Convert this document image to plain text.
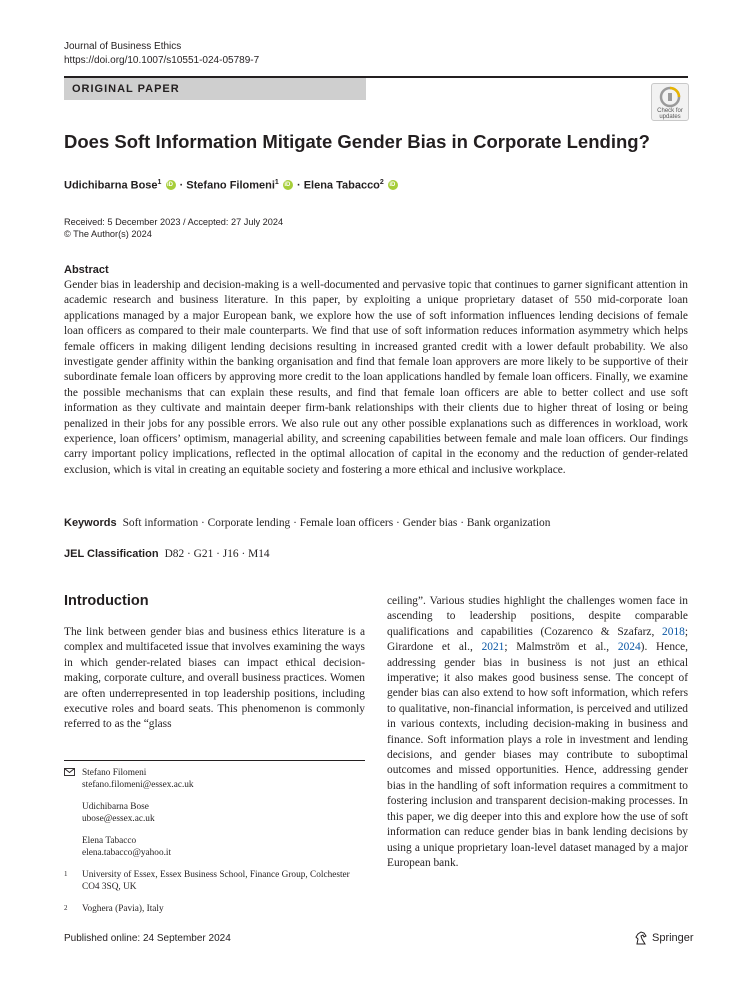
Journal of Business Ethics
https://doi.org/10.1007/s10551-024-05789-7
ORIGINAL PAPER
Check for
updates
Does Soft Information Mitigate Gender Bias in Corporate Lending?
Udichibarna Bose$^1$ iD · Stefano Filomeni$^1$ iD · Elena Tabacco$^2$ iD
Received: 5 December 2023 / Accepted: 27 July 2024
© The Author(s) 2024
Abstract

Gender bias in leadership and decision-making is a well-documented and pervasive topic that continues to garner significant attention in academic research and business literature. In this paper, by exploiting a unique proprietary dataset of 550 mid-corporate loan applications managed by a major European bank, we explore how the use of soft information influences lending decisions of female loan officers as compared to their male counterparts. We find that use of soft information reduces information asymmetry which helps female officers in making diligent lending decisions resulting in increased granted credit with a lower default probability. We also investigate gender affinity within the banking organisation and find that female loan approvers are more likely to be supportive of their subordinate female loan officers by approving more credit to the loan applications handled by female loan officers. Finally, we examine the possible mechanisms that can explain these results, and find that female loan officers are able to better collect and use soft information as they cultivate and maintain deeper firm-bank relationships with their clients due to higher threat of losing or being penalized in their jobs for any possible errors. We also rule out any other possible explanations such as differences in workload, work experience, loan officers’ optimism, managerial ability, and screening capabilities between female and male loan officers. Our findings carry important policy implications, reflected in the optimal allocation of capital in the economy and the reduction of gender-related exclusion, which is vital in creating an equitable society and fostering a more ethical and inclusive workplace.

Keywords Soft information · Corporate lending · Female loan officers · Gender bias · Bank organization
JEL Classification D82 · G21 · J16 · M14
Introduction

The link between gender bias and business ethics literature is a complex and multifaceted issue that involves examining the ways in which gender-related biases can impact ethical decision-making, corporate culture, and overall business practices. Women are often underrepresented in top leadership positions, including executive roles and board seats. This phenomenon is commonly referred to as the “glass

ceiling”. Various studies highlight the challenges women face in ascending to leadership positions, despite comparable qualifications and capabilities (Cozarenco & Szafarz, 2018; Girardone et al., 2021; Malmström et al., 2024). Hence, addressing gender bias in business is not just an ethical imperative; it also makes good business sense. The concept of gender bias can also extend to how soft information, which refers to qualitative, non-financial information, is perceived and utilized in various contexts, including decision-making in business and finance. Soft information plays a role in investment and lending decisions, and gender biases may contribute to suboptimal outcomes and missed opportunities. Hence, addressing gender bias in the handling of soft information requires a commitment to fostering inclusion and transparent decision-making processes. In this paper, we dig deeper into this and explore how the use of soft information can reduce gender bias in bank lending decisions by using a unique proprietary loan-level dataset managed by a major European bank.

Stefano Filomeni
stefano.filomeni@essex.ac.uk
Udichibarna Bose
ubose@essex.ac.uk
Elena Tabacco
elena.tabacco@yahoo.it
1	University of Essex, Essex Business School, Finance Group, Colchester CO4 3SQ, UK
2	Voghera (Pavia), Italy
Published online: 24 September 2024	Springer
